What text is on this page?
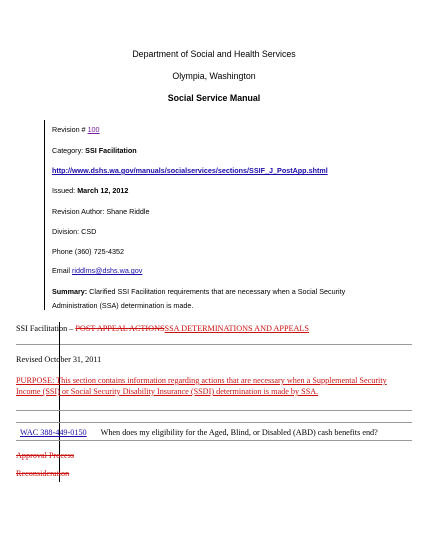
Department of Social and Health Services
Olympia, Washington
Social Service Manual
Revision # 100
Category: SSI Facilitation
http://www.dshs.wa.gov/manuals/socialservices/sections/SSIF_J_PostApp.shtml
Issued: March 12, 2012
Revision Author: Shane Riddle
Division: CSD
Phone (360) 725-4352
Email riddlms@dshs.wa.gov
Summary: Clarified SSI Facilitation requirements that are necessary when a Social Security
Administration (SSA) determination is made.
SSI Facilitation – POST APPEAL ACTIONSSSA DETERMINATIONS AND APPEALS
Revised October 31, 2011
PURPOSE: This section contains information regarding actions that are necessary when a Supplemental Security
Income (SSI) or Social Security Disability Insurance (SSDI) determination is made by SSA.
WAC 388-449-0150 When does my eligibility for the Aged, Blind, or Disabled (ABD) cash benefits end?
Approval Process
Reconsideration
